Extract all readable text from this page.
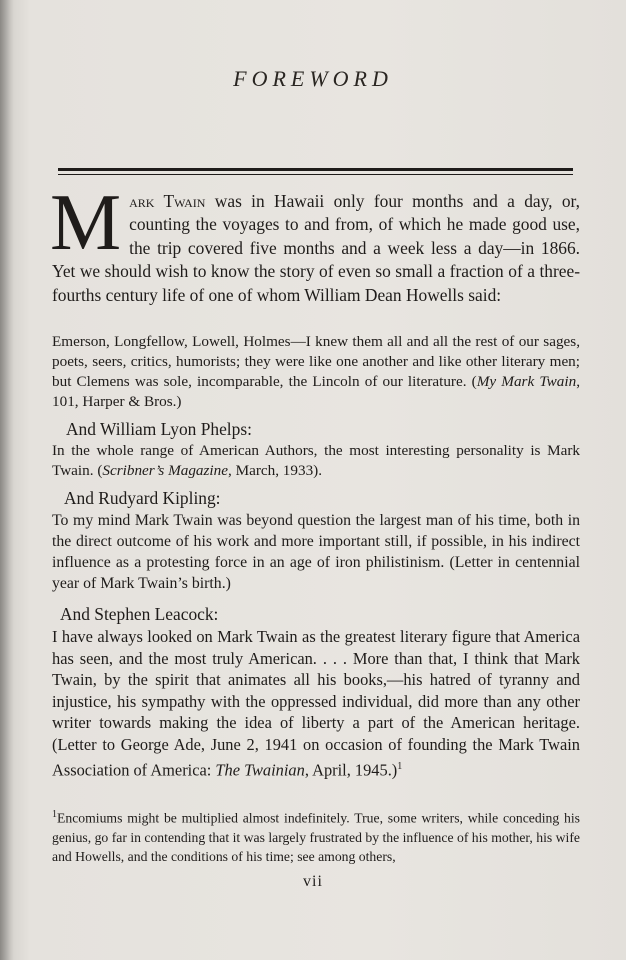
FOREWORD

M ark Twain was in Hawaii only four months and a day, or, counting the voyages to and from, of which he made good use, the trip covered five months and a week less a day—in 1866. Yet we should wish to know the story of even so small a fraction of a three-fourths century life of one of whom William Dean Howells said:

Emerson, Longfellow, Lowell, Holmes—I knew them all and all the rest of our sages, poets, seers, critics, humorists; they were like one another and like other literary men; but Clemens was sole, incomparable, the Lincoln of our literature. (My Mark Twain, 101, Harper & Bros.)

And William Lyon Phelps:

In the whole range of American Authors, the most interesting personality is Mark Twain. (Scribner’s Magazine, March, 1933).

And Rudyard Kipling:

To my mind Mark Twain was beyond question the largest man of his time, both in the direct outcome of his work and more important still, if possible, in his indirect influence as a protesting force in an age of iron philistinism. (Letter in centennial year of Mark Twain’s birth.)

And Stephen Leacock:

I have always looked on Mark Twain as the greatest literary figure that America has seen, and the most truly American. . . . More than that, I think that Mark Twain, by the spirit that animates all his books,—his hatred of tyranny and injustice, his sympathy with the oppressed individual, did more than any other writer towards making the idea of liberty a part of the American heritage. (Letter to George Ade, June 2, 1941 on occasion of founding the Mark Twain Association of America: The Twainian, April, 1945.)$^1$

$^1$Encomiums might be multiplied almost indefinitely. True, some writers, while conceding his genius, go far in contending that it was largely frustrated by the influence of his mother, his wife and Howells, and the conditions of his time; see among others,

vii
